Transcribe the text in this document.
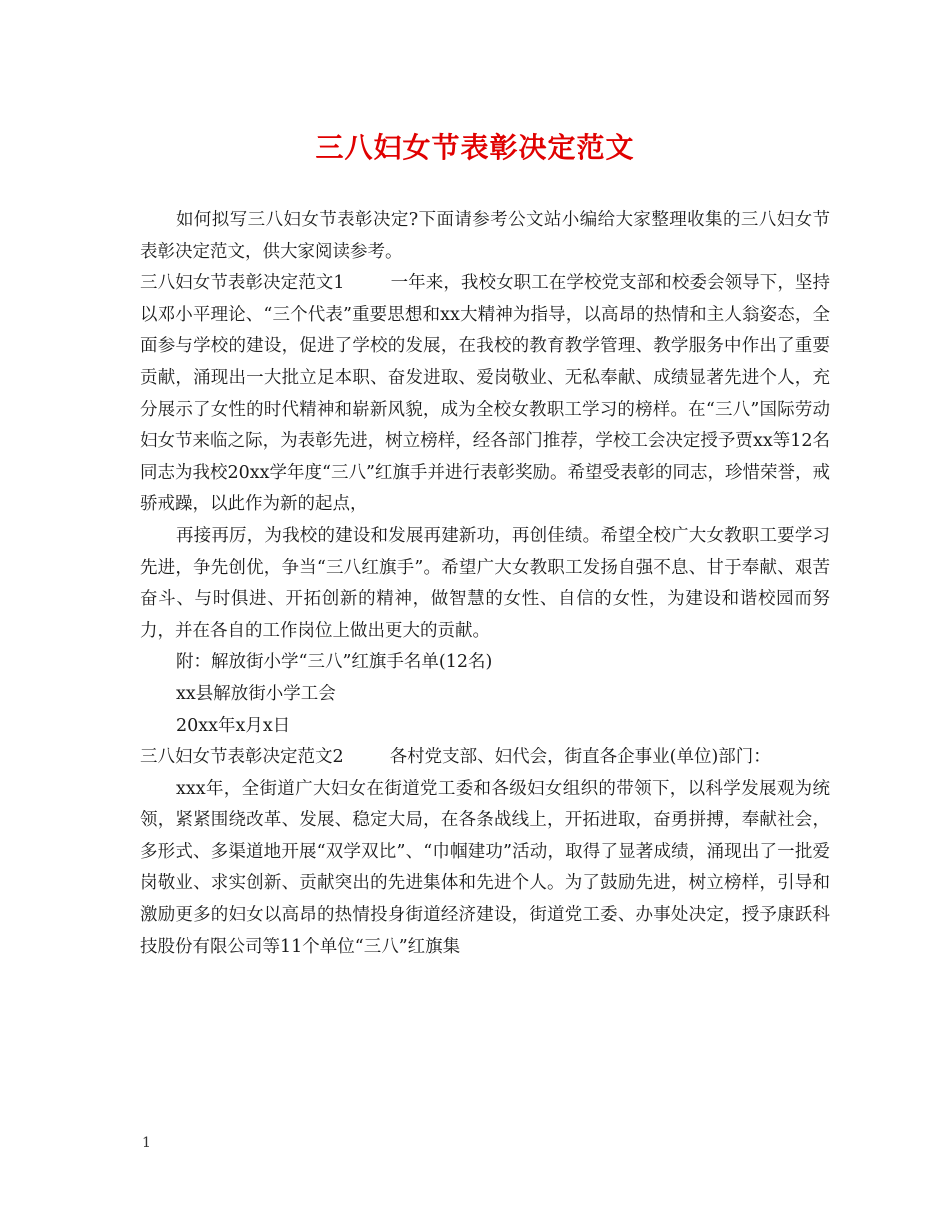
三八妇女节表彰决定范文

如何拟写三八妇女节表彰决定?下面请参考公文站小编给大家整理收集的三八妇女节表彰决定范文，供大家阅读参考。

三八妇女节表彰决定范文1	一年来，我校女职工在学校党支部和校委会领导下，坚持以邓小平理论、“三个代表”重要思想和xx大精神为指导，以高昂的热情和主人翁姿态，全面参与学校的建设，促进了学校的发展，在我校的教育教学管理、教学服务中作出了重要贡献，涌现出一大批立足本职、奋发进取、爱岗敬业、无私奉献、成绩显著先进个人，充分展示了女性的时代精神和崭新风貌，成为全校女教职工学习的榜样。在“三八”国际劳动妇女节来临之际，为表彰先进，树立榜样，经各部门推荐，学校工会决定授予贾xx等12名同志为我校20xx学年度“三八”红旗手并进行表彰奖励。希望受表彰的同志，珍惜荣誉，戒骄戒躁，以此作为新的起点，

再接再厉，为我校的建设和发展再建新功，再创佳绩。希望全校广大女教职工要学习先进，争先创优，争当“三八红旗手”。希望广大女教职工发扬自强不息、甘于奉献、艰苦奋斗、与时俱进、开拓创新的精神，做智慧的女性、自信的女性，为建设和谐校园而努力，并在各自的工作岗位上做出更大的贡献。

附：解放街小学“三八”红旗手名单(12名)

xx县解放街小学工会

20xx年x月x日

三八妇女节表彰决定范文2	各村党支部、妇代会，街直各企事业(单位)部门：

xxx年，全街道广大妇女在街道党工委和各级妇女组织的带领下，以科学发展观为统领，紧紧围绕改革、发展、稳定大局，在各条战线上，开拓进取，奋勇拼搏，奉献社会，多形式、多渠道地开展“双学双比”、“巾帼建功”活动，取得了显著成绩，涌现出了一批爱岗敬业、求实创新、贡献突出的先进集体和先进个人。为了鼓励先进，树立榜样，引导和激励更多的妇女以高昂的热情投身街道经济建设，街道党工委、办事处决定，授予康跃科技股份有限公司等11个单位“三八”红旗集

1
